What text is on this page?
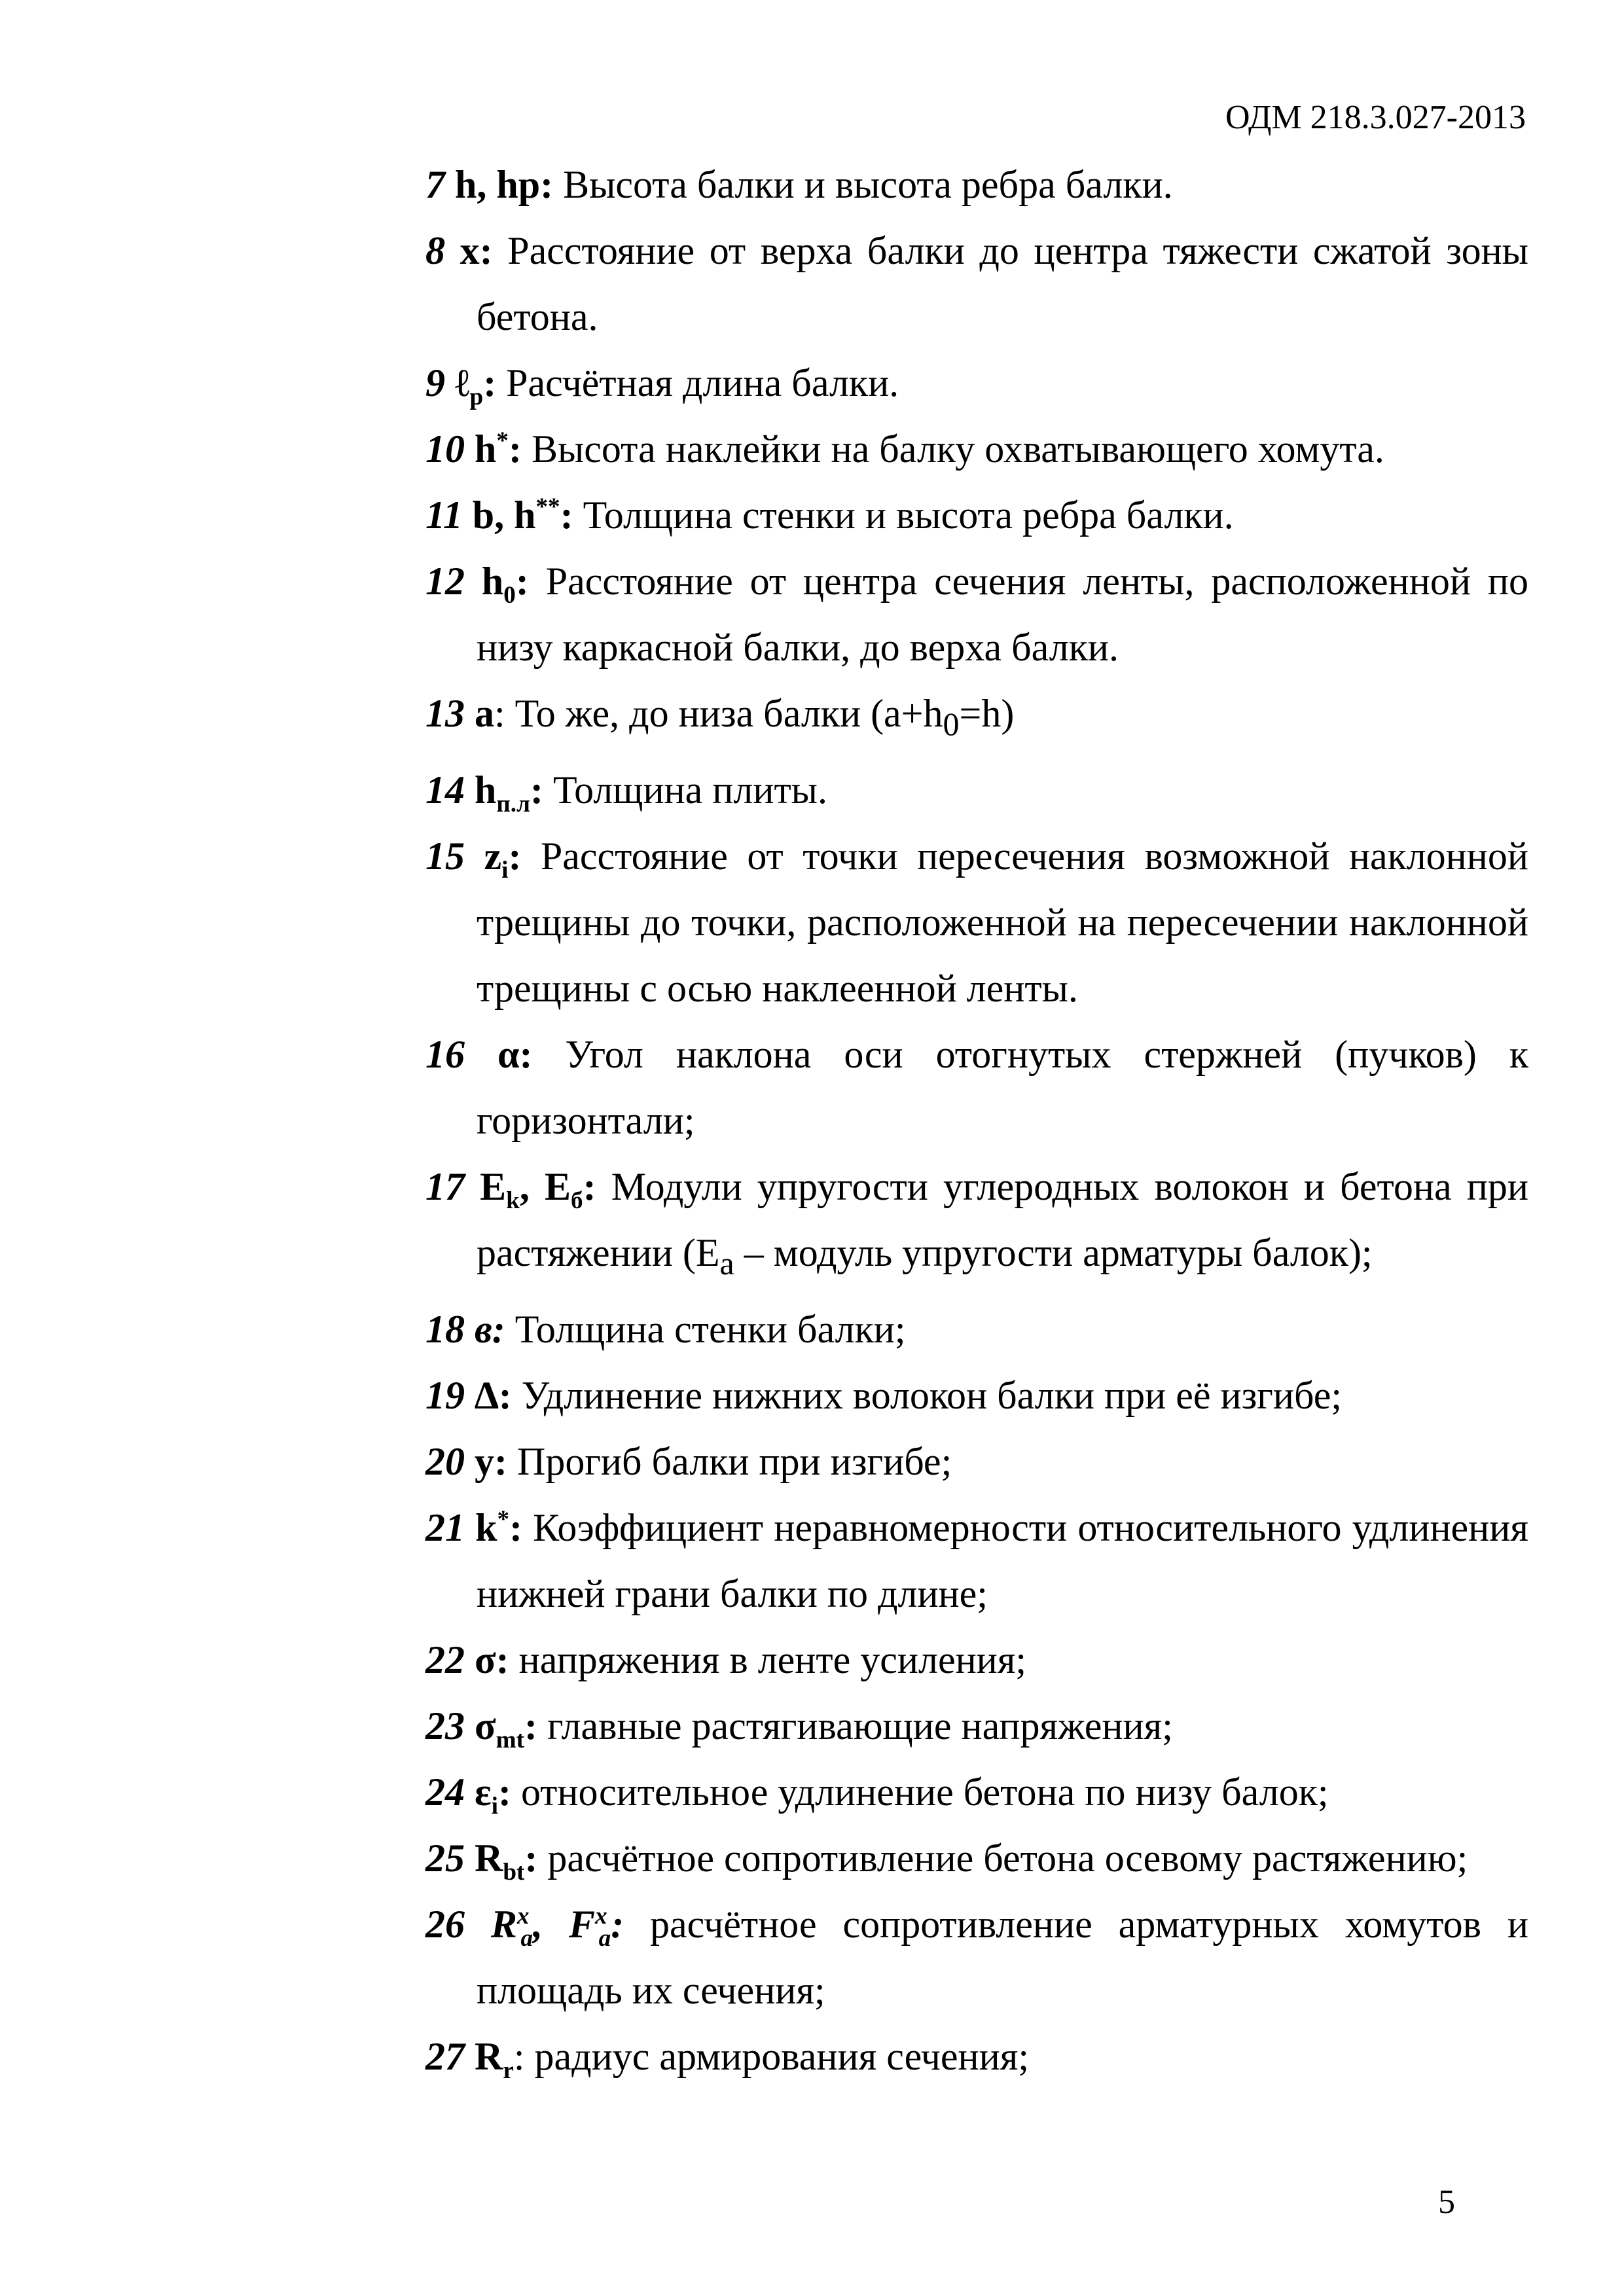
ОДМ 218.3.027-2013
7 h, hp: Высота балки и высота ребра балки.
8 x: Расстояние от верха балки до центра тяжести сжатой зоны бетона.
9 ℓ$_р$: Расчётная длина балки.
10 h*: Высота наклейки на балку охватывающего хомута.
11 b, h**: Толщина стенки и высота ребра балки.
12 $h_0$: Расстояние от центра сечения ленты, расположенной по низу каркасной балки, до верха балки.
13 a: То же, до низа балки $(a+h_0=h)$
14 $h_{п.л}$: Толщина плиты.
15 $z_i$: Расстояние от точки пересечения возможной наклонной трещины до точки, расположенной на пересечении наклонной трещины с осью наклеенной ленты.
16 α: Угол наклона оси отогнутых стержней (пучков) к горизонтали;
17 $E_k$, $E_б$: Модули упругости углеродных волокон и бетона при растяжении ($E_a$ – модуль упругости арматуры балок);
18 в: Толщина стенки балки;
19 ∆: Удлинение нижних волокон балки при её изгибе;
20 y: Прогиб балки при изгибе;
21 k*: Коэффициент неравномерности относительного удлинения нижней грани балки по длине;
22 σ: напряжения в ленте усиления;
23 $\sigma_{mt}$: главные растягивающие напряжения;
24 $\varepsilon_i$: относительное удлинение бетона по низу балок;
25 $R_{bt}$: расчётное сопротивление бетона осевому растяжению;
26 $R^x_a$, $F^x_a$: расчётное сопротивление арматурных хомутов и площадь их сечения;
27 $R_r$: радиус армирования сечения;
5
